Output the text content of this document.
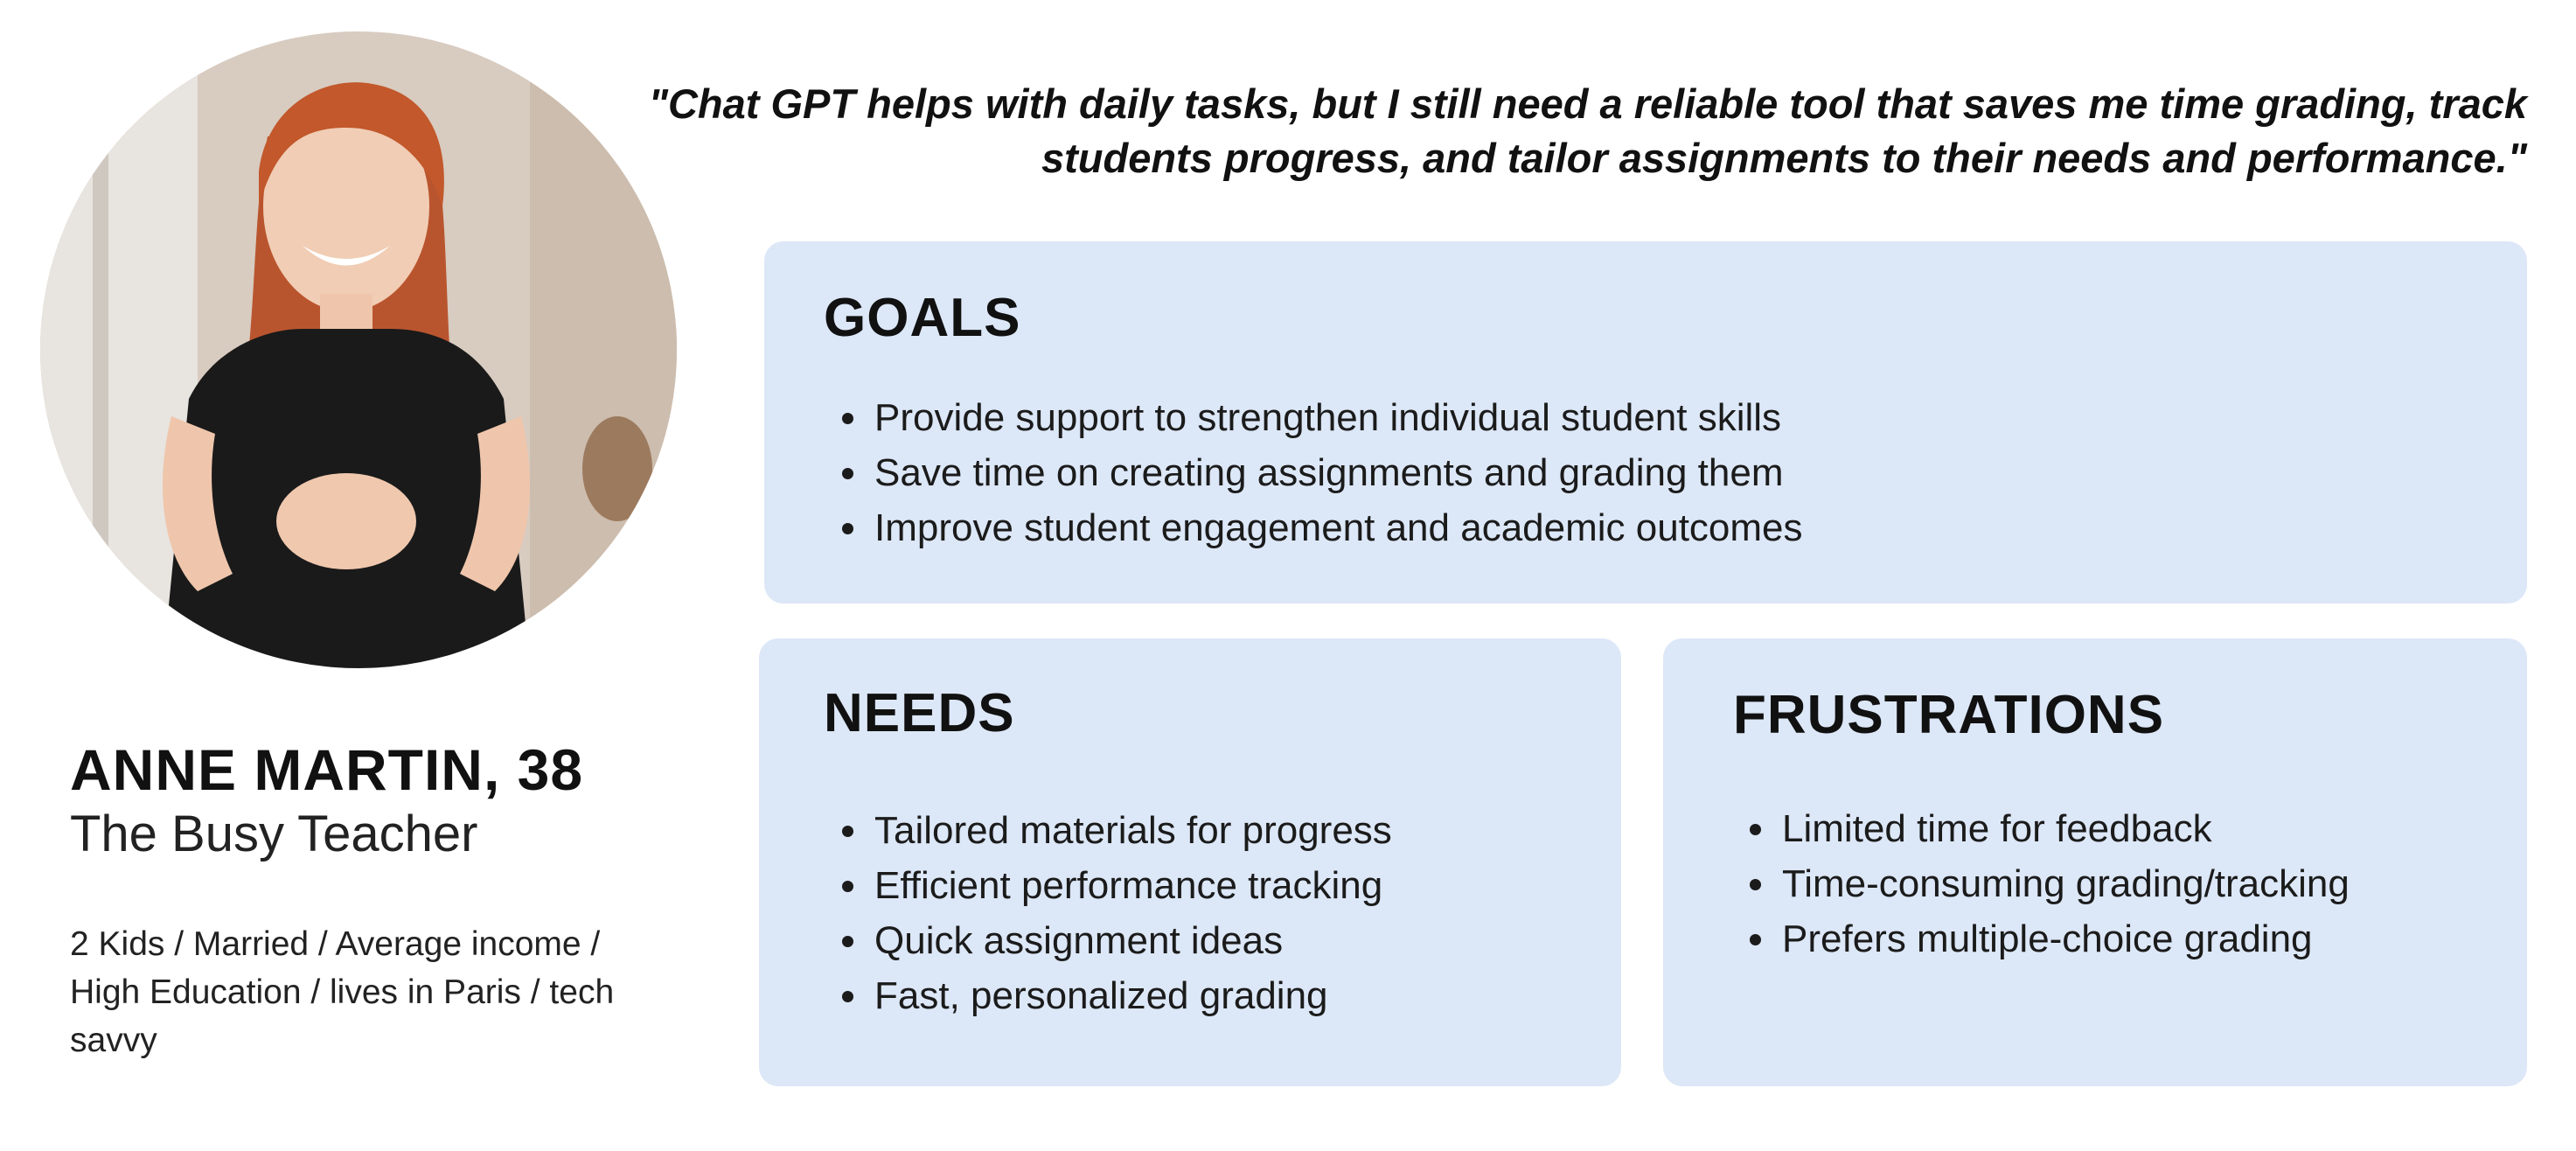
ANNE MARTIN, 38
The Busy Teacher
2 Kids / Married / Average income / High Education / lives in Paris / tech savvy
"Chat GPT helps with daily tasks, but I still need a reliable tool that saves me time grading, track students progress, and tailor assignments to their needs and performance."
GOALS
• Provide support to strengthen individual student skills
• Save time on creating assignments and grading them
• Improve student engagement and academic outcomes
NEEDS
• Tailored materials for progress
• Efficient performance tracking
• Quick assignment ideas
• Fast, personalized grading
FRUSTRATIONS
• Limited time for feedback
• Time-consuming grading/tracking
• Prefers multiple-choice grading
